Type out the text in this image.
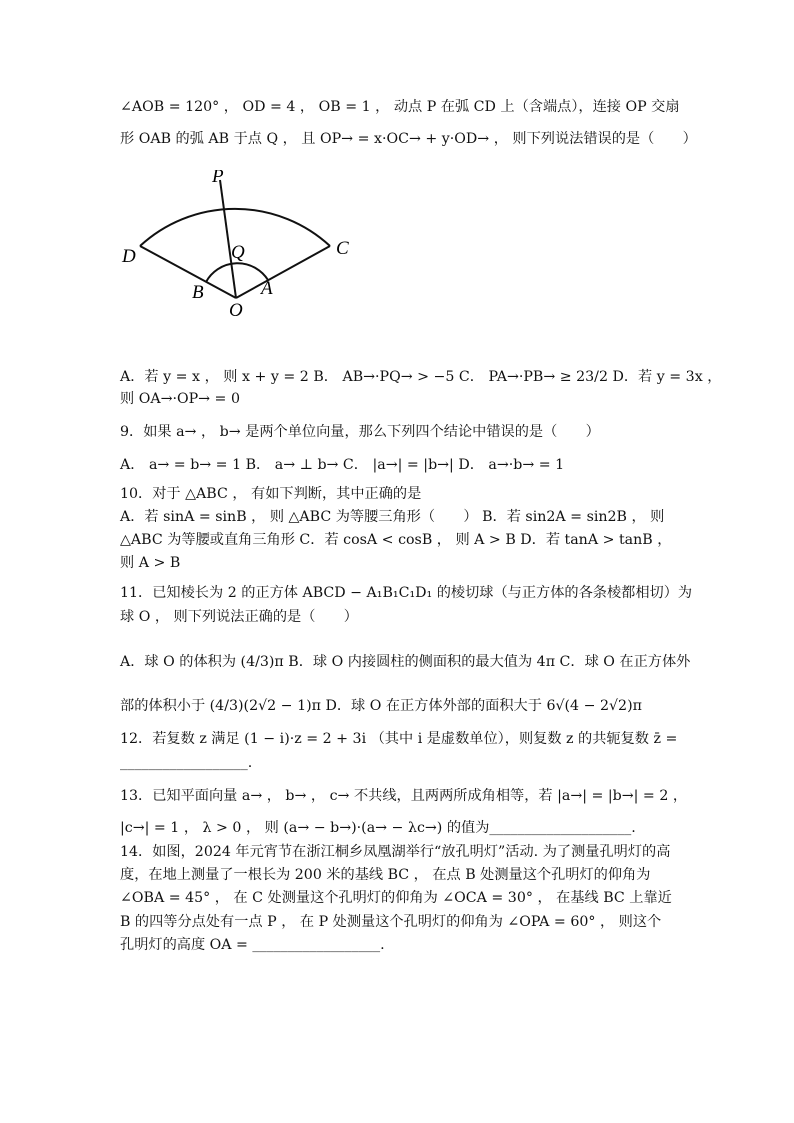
∠AOB = 120° ， OD = 4 ， OB = 1 ， 动点 P 在弧 CD 上（含端点），连接 OP 交扇
形 OAB 的弧 AB 于点 Q ， 且 OP→ = x·OC→ + y·OD→ ， 则下列说法错误的是（　　）
P
D	C
Q
B	A
O
A．若 y = x ， 则 x + y = 2 B． AB→·PQ→ > −5 C． PA→·PB→ ≥ 23/2 D．若 y = 3x ，
则 OA→·OP→ = 0
9．如果 a→ ， b→ 是两个单位向量，那么下列四个结论中错误的是（　　）
A． a→ = b→ = 1 B． a→ ⊥ b→ C． |a→| = |b→| D． a→·b→ = 1
10．对于 △ABC ， 有如下判断，其中正确的是
A．若 sinA = sinB ， 则 △ABC 为等腰三角形（　　） B．若 sin2A = sin2B ， 则
△ABC 为等腰或直角三角形 C．若 cosA < cosB ， 则 A > B D．若 tanA > tanB ，
则 A > B
11．已知棱长为 2 的正方体 ABCD − A₁B₁C₁D₁ 的棱切球（与正方体的各条棱都相切）为
球 O ， 则下列说法正确的是（　　）
A．球 O 的体积为 (4/3)π B．球 O 内接圆柱的侧面积的最大值为 4π C．球 O 在正方体外
部的体积小于 (4/3)(2√2 − 1)π D．球 O 在正方体外部的面积大于 6√(4 − 2√2)π
12．若复数 z 满足 (1 − i)·z = 2 + 3i （其中 i 是虚数单位），则复数 z 的共轭复数 z̄ =
__________________.
13．已知平面向量 a→ ， b→ ， c→ 不共线，且两两所成角相等，若 |a→| = |b→| = 2 ，
|c→| = 1 ， λ > 0 ， 则 (a→ − b→)·(a→ − λc→) 的值为____________________.
14．如图，2024 年元宵节在浙江桐乡凤凰湖举行“放孔明灯”活动. 为了测量孔明灯的高
度，在地上测量了一根长为 200 米的基线 BC ， 在点 B 处测量这个孔明灯的仰角为
∠OBA = 45° ， 在 C 处测量这个孔明灯的仰角为 ∠OCA = 30° ， 在基线 BC 上靠近
B 的四等分点处有一点 P ， 在 P 处测量这个孔明灯的仰角为 ∠OPA = 60° ， 则这个
孔明灯的高度 OA = __________________.
